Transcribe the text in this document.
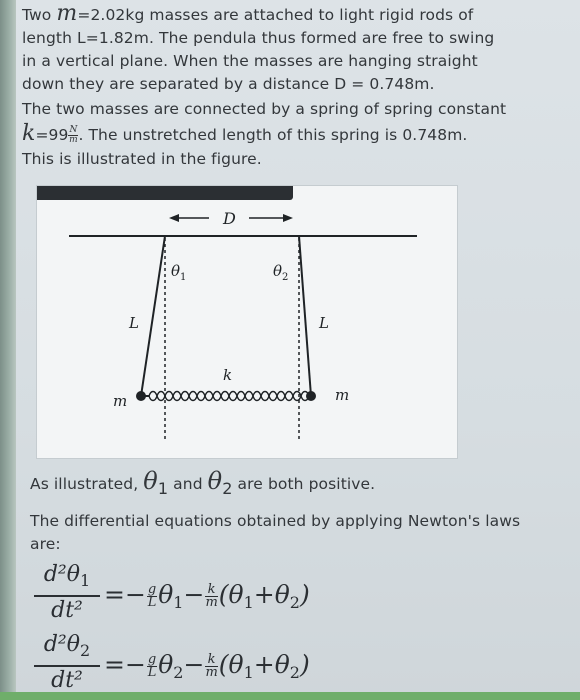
Two m=2.02kg masses are attached to light rigid rods of
length L=1.82m. The pendula thus formed are free to swing
in a vertical plane. When the masses are hanging straight
down they are separated by a distance D = 0.748m.
The two masses are connected by a spring of spring constant
$k=99 \frac{N}{m}$ . The unstretched length of this spring is 0.748m.
This is illustrated in the figure.
D
$\theta_1$	$\theta_2$
L	L
k
m	m
As illustrated, $\theta_1$ and $\theta_2$ are both positive.
The differential equations obtained by applying Newton's laws
are:
$d^2\theta_1$
dt²
=− $\frac{g}{L} \theta_1- \frac{k}{m} (\theta_1+\theta_2)$
$d^2\theta_2$
dt²
=− $\frac{g}{L} \theta_2- \frac{k}{m} (\theta_1+\theta_2)$
